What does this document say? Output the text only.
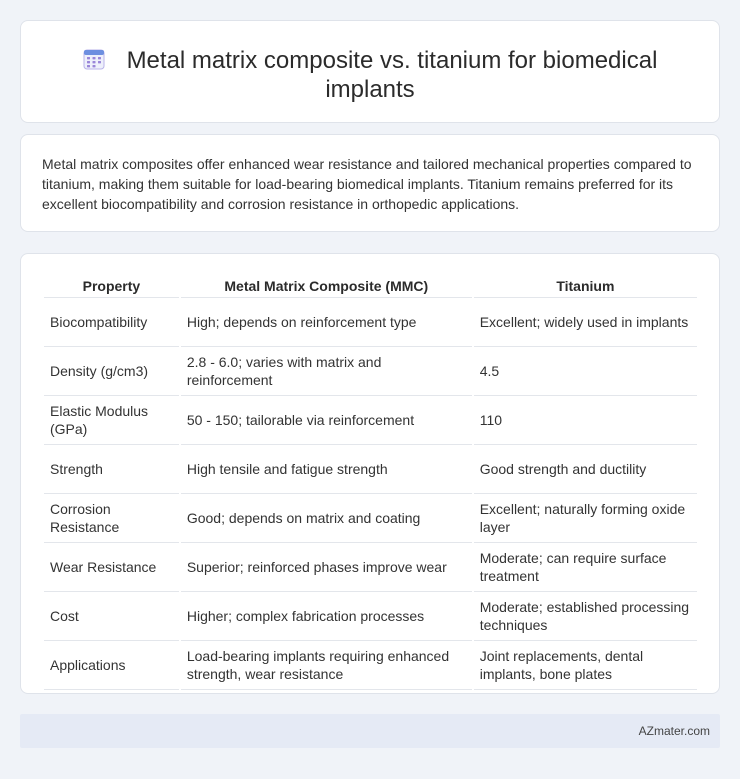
Metal matrix composite vs. titanium for biomedical implants

Metal matrix composites offer enhanced wear resistance and tailored mechanical properties compared to titanium, making them suitable for load-bearing biomedical implants. Titanium remains preferred for its excellent biocompatibility and corrosion resistance in orthopedic applications.

Property	Metal Matrix Composite (MMC)	Titanium
Biocompatibility	High; depends on reinforcement type	Excellent; widely used in implants
Density (g/cm3)	2.8 - 6.0; varies with matrix and reinforcement	4.5
Elastic Modulus (GPa)	50 - 150; tailorable via reinforcement	110
Strength	High tensile and fatigue strength	Good strength and ductility
Corrosion Resistance	Good; depends on matrix and coating	Excellent; naturally forming oxide layer
Wear Resistance	Superior; reinforced phases improve wear	Moderate; can require surface treatment
Cost	Higher; complex fabrication processes	Moderate; established processing techniques
Applications	Load-bearing implants requiring enhanced strength, wear resistance	Joint replacements, dental implants, bone plates
AZmater.com
